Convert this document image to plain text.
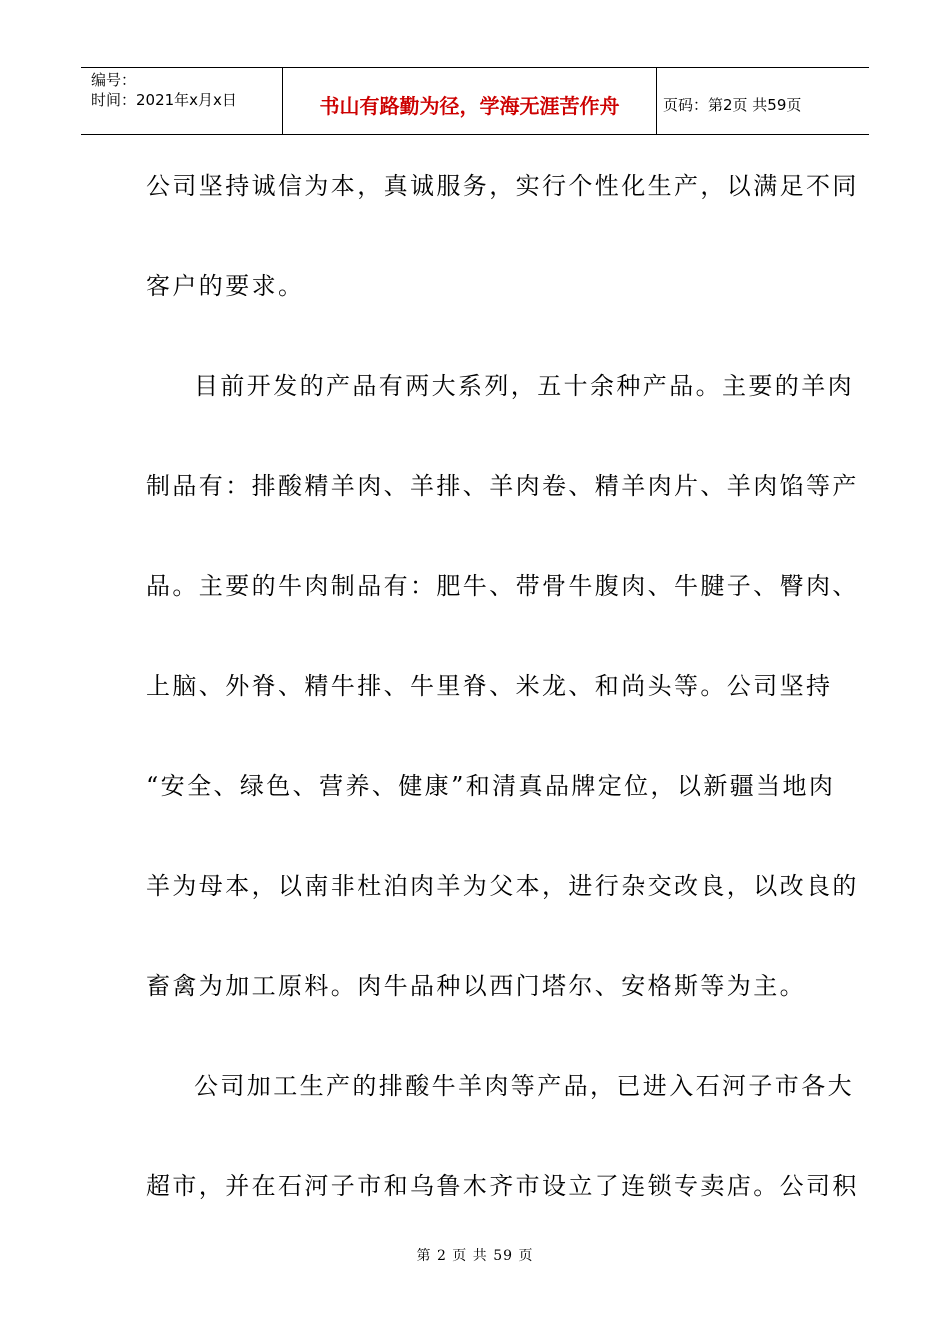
编号：
时间：2021年x月x日	书山有路勤为径，学海无涯苦作舟	页码：第2页 共59页
公司坚持诚信为本，真诚服务，实行个性化生产，以满足不同
客户的要求。
目前开发的产品有两大系列，五十余种产品。主要的羊肉
制品有：排酸精羊肉、羊排、羊肉卷、精羊肉片、羊肉馅等产
品。主要的牛肉制品有：肥牛、带骨牛腹肉、牛腱子、臀肉、
上脑、外脊、精牛排、牛里脊、米龙、和尚头等。公司坚持
“安全、绿色、营养、健康”和清真品牌定位，以新疆当地肉
羊为母本，以南非杜泊肉羊为父本，进行杂交改良，以改良的
畜禽为加工原料。肉牛品种以西门塔尔、安格斯等为主。
公司加工生产的排酸牛羊肉等产品，已进入石河子市各大
超市，并在石河子市和乌鲁木齐市设立了连锁专卖店。公司积
第 2 页 共 59 页
